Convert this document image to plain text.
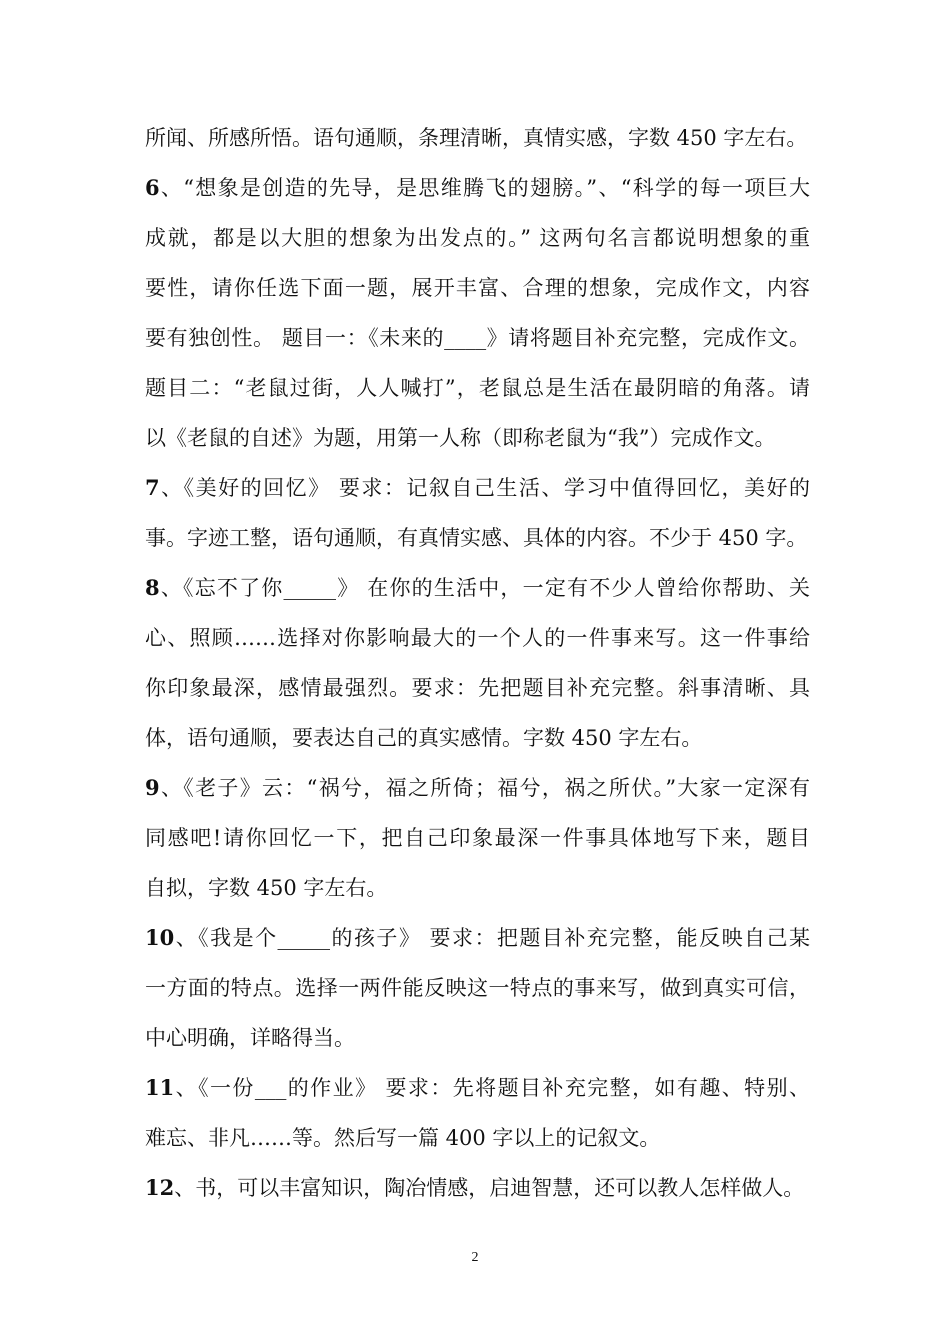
所闻、所感所悟。语句通顺，条理清晰，真情实感，字数 450 字左右。
6、“想象是创造的先导，是思维腾飞的翅膀。”、“科学的每一项巨大
成就，都是以大胆的想象为出发点的。” 这两句名言都说明想象的重
要性，请你任选下面一题，展开丰富、合理的想象，完成作文，内容
要有独创性。 题目一：《未来的____》请将题目补充完整，完成作文。
题目二：“老鼠过街，人人喊打”，老鼠总是生活在最阴暗的角落。请
以《老鼠的自述》为题，用第一人称（即称老鼠为“我”）完成作文。
7、《美好的回忆》 要求：记叙自己生活、学习中值得回忆，美好的
事。字迹工整，语句通顺，有真情实感、具体的内容。不少于 450 字。
8、《忘不了你_____》 在你的生活中，一定有不少人曾给你帮助、关
心、照顾……选择对你影响最大的一个人的一件事来写。这一件事给
你印象最深，感情最强烈。要求：先把题目补充完整。斜事清晰、具
体，语句通顺，要表达自己的真实感情。字数 450 字左右。
9、《老子》云：“祸兮，福之所倚；福兮，祸之所伏。”大家一定深有
同感吧!请你回忆一下，把自己印象最深一件事具体地写下来，题目
自拟，字数 450 字左右。
10、《我是个_____的孩子》 要求：把题目补充完整，能反映自己某
一方面的特点。选择一两件能反映这一特点的事来写，做到真实可信，
中心明确，详略得当。
11、《一份___的作业》 要求：先将题目补充完整，如有趣、特别、
难忘、非凡……等。然后写一篇 400 字以上的记叙文。
12、书，可以丰富知识，陶冶情感，启迪智慧，还可以教人怎样做人。
2
